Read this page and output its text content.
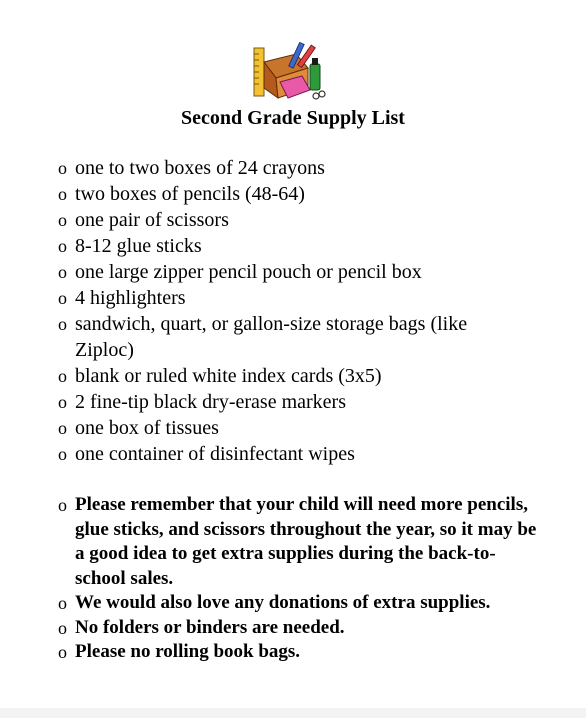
Second Grade Supply List
o one to two boxes of 24 crayons
o two boxes of pencils (48-64)
o one pair of scissors
o 8-12 glue sticks
o one large zipper pencil pouch or pencil box
o 4 highlighters
o sandwich, quart, or gallon-size storage bags (like Ziploc)
o blank or ruled white index cards (3x5)
o 2 fine-tip black dry-erase markers
o one box of tissues
o one container of disinfectant wipes
o Please remember that your child will need more pencils, glue sticks, and scissors throughout the year, so it may be a good idea to get extra supplies during the back-to-school sales.
o We would also love any donations of extra supplies.
o No folders or binders are needed.
o Please no rolling book bags.
